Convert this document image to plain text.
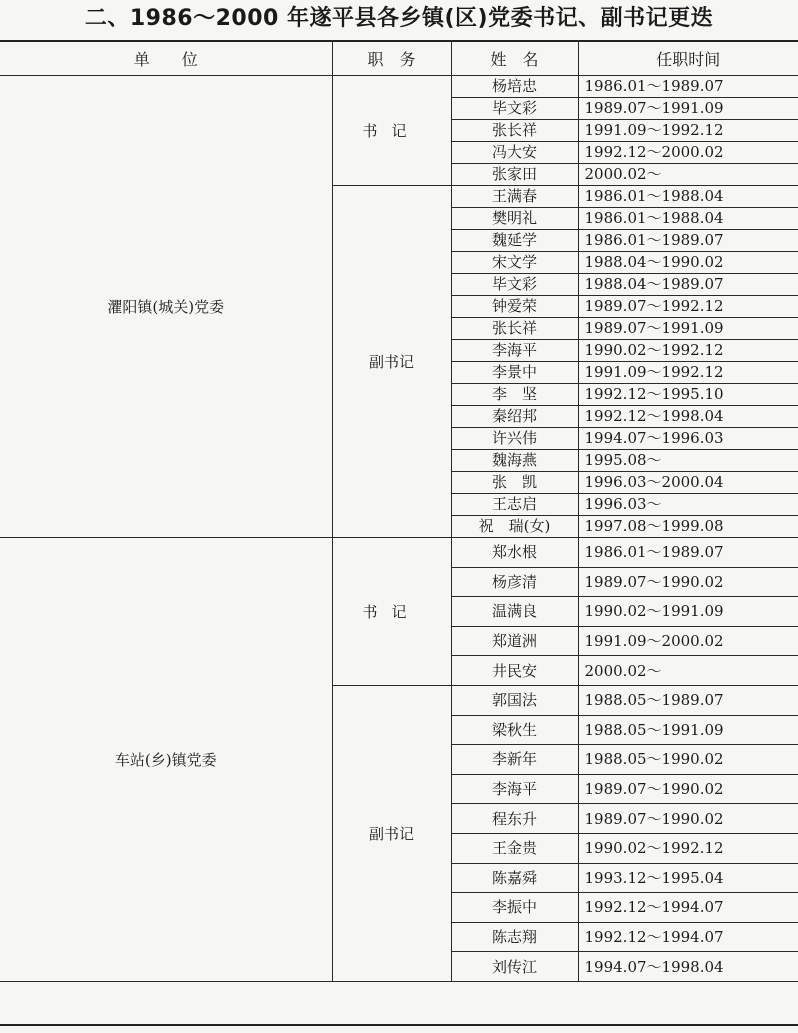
二、1986～2000 年遂平县各乡镇(区)党委书记、副书记更迭
单　　位	职　务	姓　名	任职时间
灈阳镇(城关)党委	书记	杨培忠	1986.01～1989.07
		毕文彩	1989.07～1991.09
		张长祥	1991.09～1992.12
		冯大安	1992.12～2000.02
		张家田	2000.02～
	副书记	王满春	1986.01～1988.04
		樊明礼	1986.01～1988.04
		魏延学	1986.01～1989.07
		宋文学	1988.04～1990.02
		毕文彩	1988.04～1989.07
		钟爱荣	1989.07～1992.12
		张长祥	1989.07～1991.09
		李海平	1990.02～1992.12
		李景中	1991.09～1992.12
		李　坚	1992.12～1995.10
		秦绍邦	1992.12～1998.04
		许兴伟	1994.07～1996.03
		魏海燕	1995.08～
		张　凯	1996.03～2000.04
		王志启	1996.03～
		祝　瑞(女)	1997.08～1999.08
车站(乡)镇党委	书记	郑水根	1986.01～1989.07
		杨彦清	1989.07～1990.02
		温满良	1990.02～1991.09
		郑道洲	1991.09～2000.02
		井民安	2000.02～
	副书记	郭国法	1988.05～1989.07
		梁秋生	1988.05～1991.09
		李新年	1988.05～1990.02
		李海平	1989.07～1990.02
		程东升	1989.07～1990.02
		王金贵	1990.02～1992.12
		陈嘉舜	1993.12～1995.04
		李振中	1992.12～1994.07
		陈志翔	1992.12～1994.07
		刘传江	1994.07～1998.04
